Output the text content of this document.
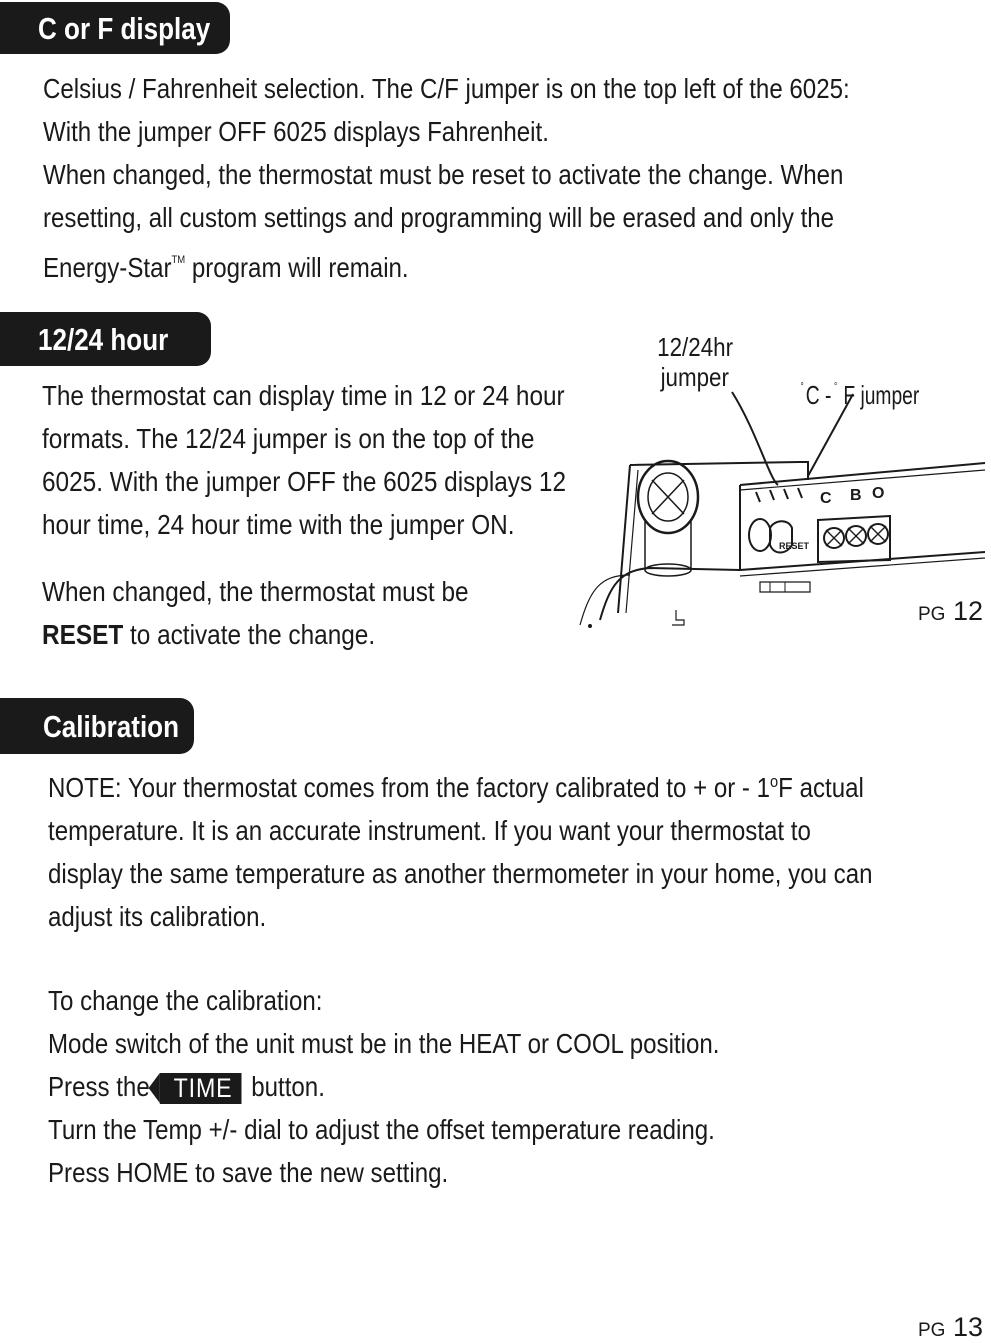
C or F display
Celsius / Fahrenheit selection. The C/F jumper is on the top left of the 6025:
With the jumper OFF 6025 displays Fahrenheit.
When changed, the thermostat must be reset to activate the change. When
resetting, all custom settings and programming will be erased and only the
Energy-Star™ program will remain.
12/24 hour
The thermostat can display time in 12 or 24 hour
formats. The 12/24 jumper is on the top of the
6025. With the jumper OFF the 6025 displays 12
hour time, 24 hour time with the jumper ON.
When changed, the thermostat must be
RESET to activate the change.
12/24hr
jumper	°C - ° F jumper
C B O
RESET
PG 12
Calibration
NOTE: Your thermostat comes from the factory calibrated to + or - 1$^o$F actual
temperature. It is an accurate instrument. If you want your thermostat to
display the same temperature as another thermometer in your home, you can
adjust its calibration.
To change the calibration:
Mode switch of the unit must be in the HEAT or COOL position.
Press the TIME button.
Turn the Temp +/- dial to adjust the offset temperature reading.
Press HOME to save the new setting.
PG 13
